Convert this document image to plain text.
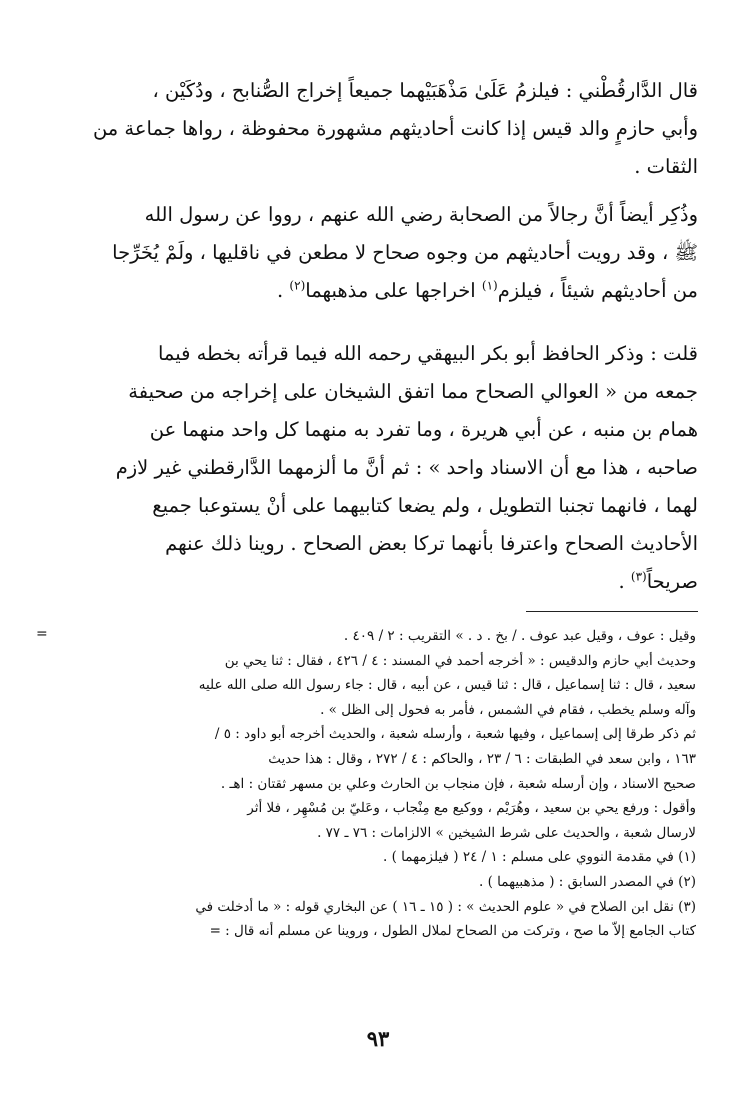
قال الدَّارقُطْني : فيلزمُ عَلَىٰ مَذْهَبَيْهما جميعاً إخراج الصُّنابح ، ودُكَيْن ،
وأبي حازمٍ والد قيس إذا كانت أحاديثهم مشهورة محفوظة ، رواها جماعة من
الثقات .
وذُكِر أيضاً أنَّ رجالاً من الصحابة رضي الله عنهم ، رووا عن رسول الله
ﷺ ، وقد رويت أحاديثهم من وجوه صحاح لا مطعن في ناقليها ، ولَمْ يُخَرِّجا
من أحاديثهم شيئاً ، فيلزم$^{(١)}$ اخراجها على مذهبهما$^{(٢)}$ .
قلت : وذكر الحافظ أبو بكر البيهقي رحمه الله فيما قرأته بخطه فيما
جمعه من « العوالي الصحاح مما اتفق الشيخان على إخراجه من صحيفة
همام بن منبه ، عن أبي هريرة ، وما تفرد به منهما كل واحد منهما عن
صاحبه ، هذا مع أن الاسناد واحد » : ثم أنَّ ما ألزمهما الدَّارقطني غير لازم
لهما ، فانهما تجنبا التطويل ، ولم يضعا كتابيهما على أنْ يستوعبا جميع
الأحاديث الصحاح واعترفا بأنهما تركا بعض الصحاح . روينا ذلك عنهم
صريحاً$^{(٣)}$ .
=	وقيل : عوف ، وقيل عبد عوف . / بخ . د . » التقريب : ٢ / ٤٠٩ .
وحديث أبي حازم والدقيس : « أخرجه أحمد في المسند : ٤ / ٤٢٦ ، فقال : ثنا يحي بن
سعيد ، قال : ثنا إسماعيل ، قال : ثنا قيس ، عن أبيه ، قال : جاء رسول الله صلى الله عليه
وآله وسلم يخطب ، فقام في الشمس ، فأمر به فحول إلى الظل » .
ثم ذكر طرقا إلى إسماعيل ، وفيها شعبة ، وأرسله شعبة ، والحديث أخرجه أبو داود : ٥ /
١٦٣ ، وابن سعد في الطبقات : ٦ / ٢٣ ، والحاكم : ٤ / ٢٧٢ ، وقال : هذا حديث
صحيح الاسناد ، وإن أرسله شعبة ، فإن منجاب بن الحارث وعلي بن مسهر ثقتان : اهـ .
وأقول : ورفع يحي بن سعيد ، وهُرَيْم ، ووكيع مع مِنْجاب ، وعَليّ بن مُسْهِر ، فلا أثر
لارسال شعبة ، والحديث على شرط الشيخين » الالزامات : ٧٦ ـ ٧٧ .
(١) في مقدمة النووي على مسلم : ١ / ٢٤ ( فيلزمهما ) .
(٢) في المصدر السابق : ( مذهبيهما ) .
(٣) نقل ابن الصلاح في « علوم الحديث » : ( ١٥ ـ ١٦ ) عن البخاري قوله : « ما أدخلت في
كتاب الجامع إلاّ ما صح ، وتركت من الصحاح لملال الطول ، وروينا عن مسلم أنه قال : =
٩٣
